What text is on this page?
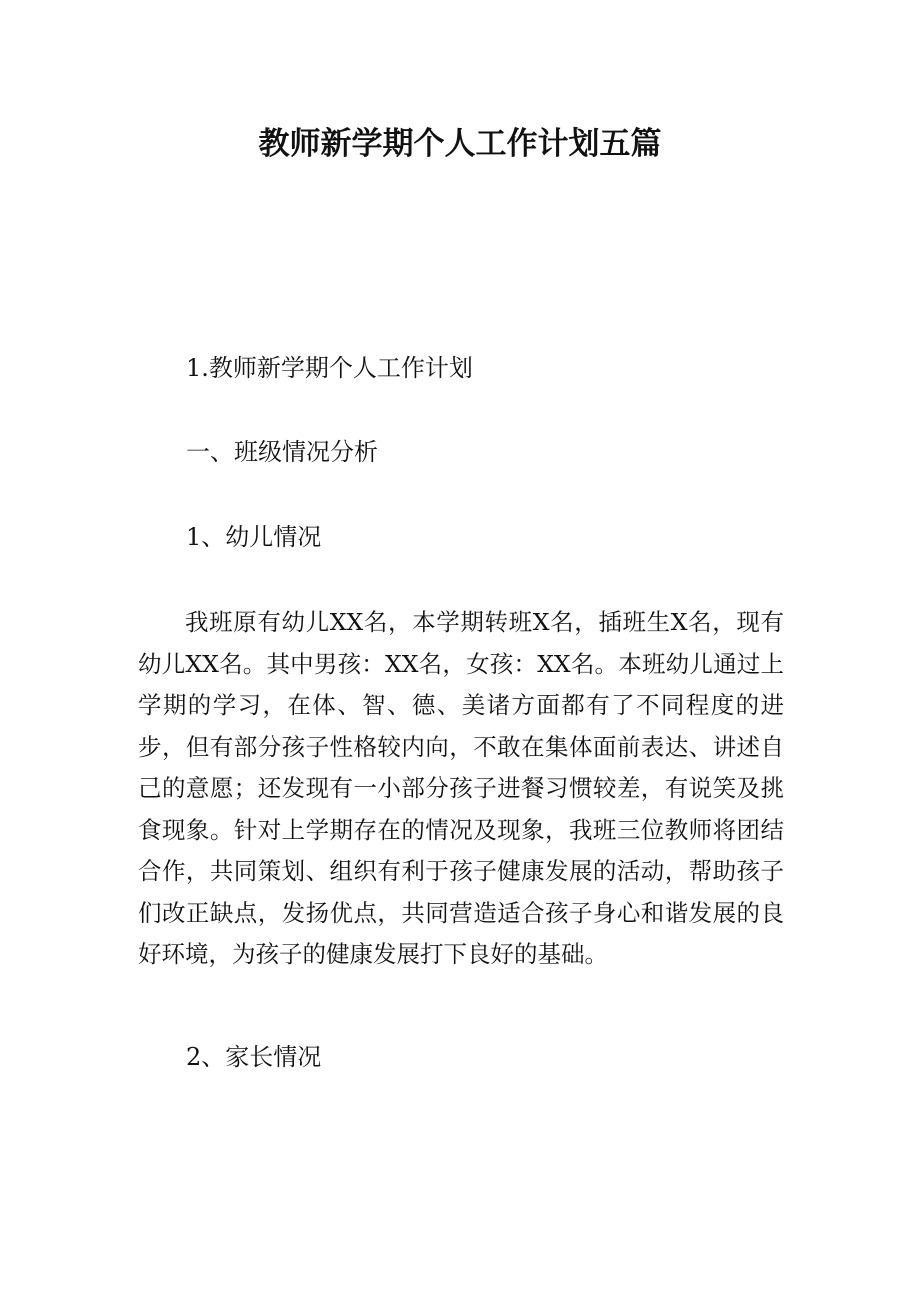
教师新学期个人工作计划五篇

1.教师新学期个人工作计划

一、班级情况分析

1、幼儿情况

我班原有幼儿XX名，本学期转班X名，插班生X名，现有幼儿XX名。其中男孩：XX名，女孩：XX名。本班幼儿通过上学期的学习，在体、智、德、美诸方面都有了不同程度的进步，但有部分孩子性格较内向，不敢在集体面前表达、讲述自己的意愿；还发现有一小部分孩子进餐习惯较差，有说笑及挑食现象。针对上学期存在的情况及现象，我班三位教师将团结合作，共同策划、组织有利于孩子健康发展的活动，帮助孩子们改正缺点，发扬优点，共同营造适合孩子身心和谐发展的良好环境，为孩子的健康发展打下良好的基础。

2、家长情况
